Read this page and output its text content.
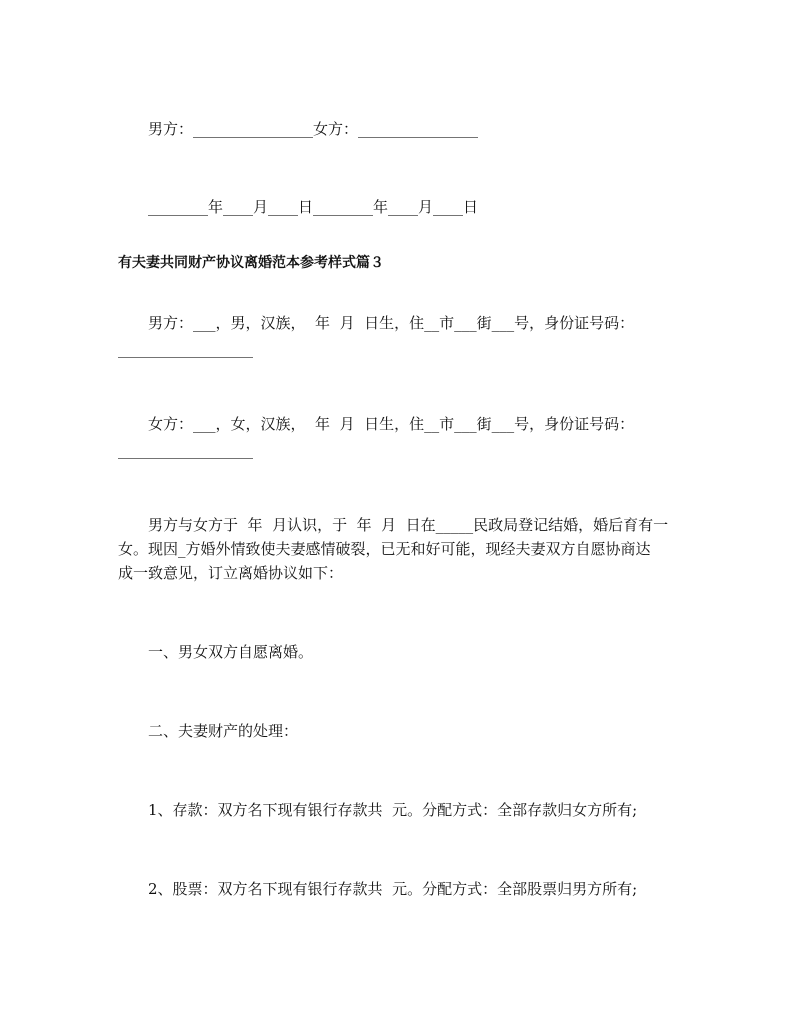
男方：________________女方：________________
________年____月____日________年____月____日
有夫妻共同财产协议离婚范本参考样式篇３
男方：___，男，汉族，  年  月  日生，住__市___街___号，身份证号码：
__________________
女方：___，女，汉族，  年  月  日生，住__市___街___号，身份证号码：
__________________
男方与女方于  年  月认识，于  年  月  日在_____民政局登记结婚，婚后育有一
女。现因_方婚外情致使夫妻感情破裂，已无和好可能，现经夫妻双方自愿协商达
成一致意见，订立离婚协议如下：
一、男女双方自愿离婚。
二、夫妻财产的处理：
1、存款：双方名下现有银行存款共  元。分配方式：全部存款归女方所有;
2、股票：双方名下现有银行存款共  元。分配方式：全部股票归男方所有;
